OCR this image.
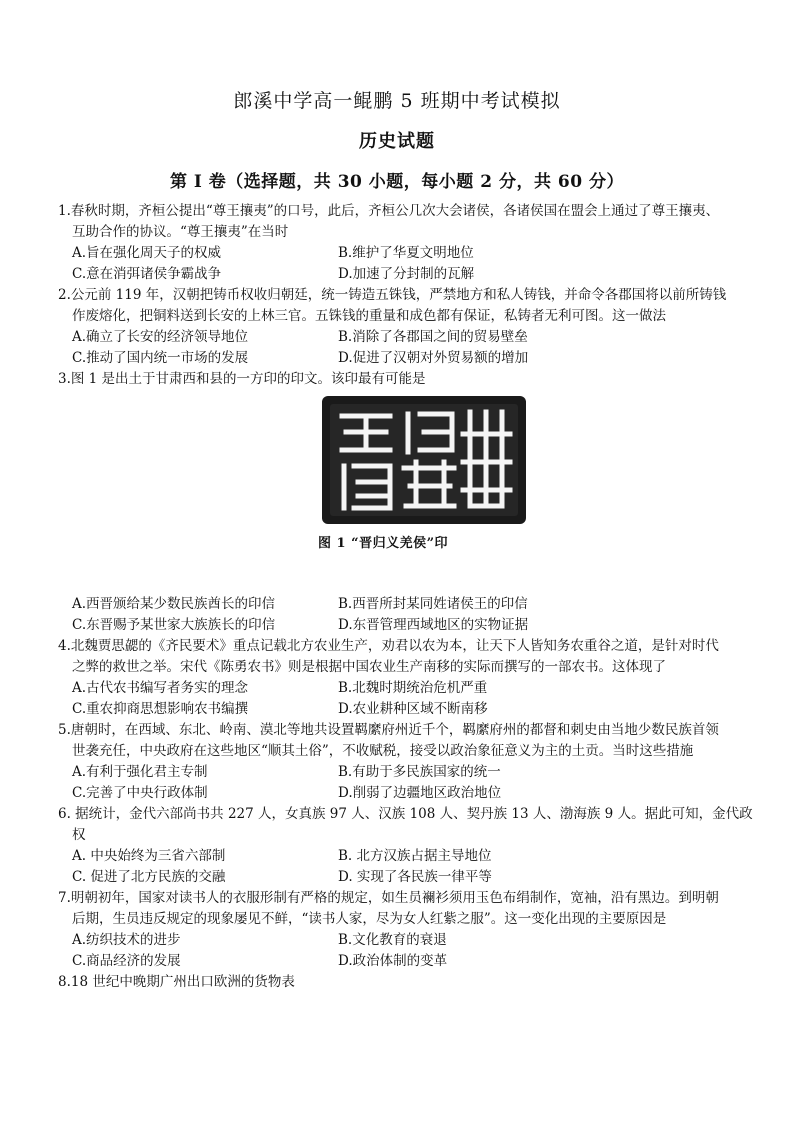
郎溪中学高一鲲鹏 5 班期中考试模拟
历史试题
第 I 卷（选择题，共 30 小题，每小题 2 分，共 60 分）
1.春秋时期，齐桓公提出“尊王攘夷”的口号，此后，齐桓公几次大会诸侯，各诸侯国在盟会上通过了尊王攘夷、
互助合作的协议。“尊王攘夷”在当时
A.旨在强化周天子的权威	B.维护了华夏文明地位
C.意在消弭诸侯争霸战争	D.加速了分封制的瓦解
2.公元前 119 年，汉朝把铸币权收归朝廷，统一铸造五铢钱，严禁地方和私人铸钱，并命令各郡国将以前所铸钱
作废熔化，把铜料送到长安的上林三官。五铢钱的重量和成色都有保证，私铸者无利可图。这一做法
A.确立了长安的经济领导地位	B.消除了各郡国之间的贸易壁垒
C.推动了国内统一市场的发展	D.促进了汉朝对外贸易额的增加
3.图 1 是出土于甘肃西和县的一方印的印文。该印最有可能是
图 1 “晋归义羌侯”印
A.西晋颁给某少数民族酋长的印信	B.西晋所封某同姓诸侯王的印信
C.东晋赐予某世家大族族长的印信	D.东晋管理西域地区的实物证据
4.北魏贾思勰的《齐民要术》重点记载北方农业生产，劝君以农为本，让天下人皆知务农重谷之道，是针对时代
之弊的救世之举。宋代《陈勇农书》则是根据中国农业生产南移的实际而撰写的一部农书。这体现了
A.古代农书编写者务实的理念	B.北魏时期统治危机严重
C.重农抑商思想影响农书编撰	D.农业耕种区域不断南移
5.唐朝时，在西域、东北、岭南、漠北等地共设置羁縻府州近千个，羁縻府州的都督和刺史由当地少数民族首领
世袭充任，中央政府在这些地区“顺其土俗”，不收赋税，接受以政治象征意义为主的土贡。当时这些措施
A.有利于强化君主专制	B.有助于多民族国家的统一
C.完善了中央行政体制	D.削弱了边疆地区政治地位
6. 据统计，金代六部尚书共 227 人，女真族 97 人、汉族 108 人、契丹族 13 人、渤海族 9 人。据此可知，金代政
权
A. 中央始终为三省六部制	B. 北方汉族占据主导地位
C. 促进了北方民族的交融	D. 实现了各民族一律平等
7.明朝初年，国家对读书人的衣服形制有严格的规定，如生员襕衫须用玉色布绢制作，宽袖，沿有黑边。到明朝
后期，生员违反规定的现象屡见不鲜，“读书人家，尽为女人红紫之服”。这一变化出现的主要原因是
A.纺织技术的进步	B.文化教育的衰退
C.商品经济的发展	D.政治体制的变革
8.18 世纪中晚期广州出口欧洲的货物表
